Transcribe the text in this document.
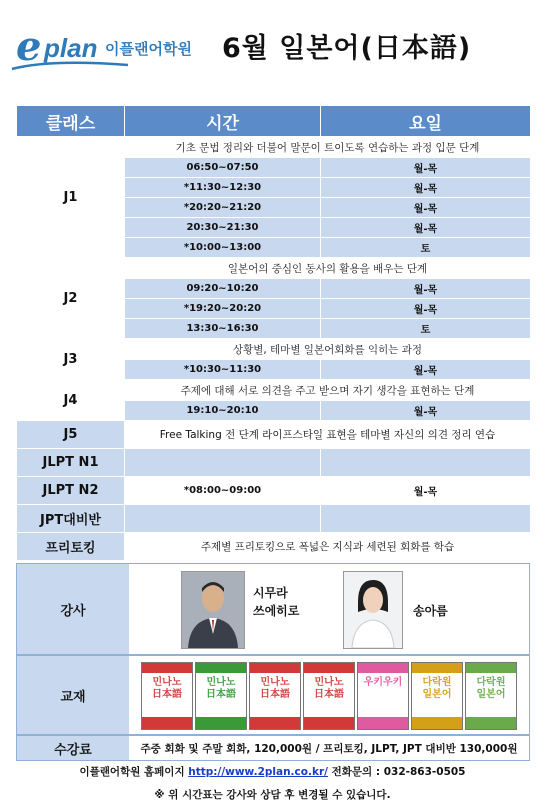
e plan 이플랜어학원 6월 일본어(日本語)
클래스	시간	요일
J1	기초 문법 정리와 더불어 말문이 트이도록 연습하는 과정 입문 단계	
	06:50~07:50	월-목
	*11:30~12:30	월-목
	*20:20~21:20	월-목
	20:30~21:30	월-목
	*10:00~13:00	토
J2	일본어의 중심인 동사의 활용을 배우는 단계	
	09:20~10:20	월-목
	*19:20~20:20	월-목
	13:30~16:30	토
J3	상황별, 테마별 일본어회화를 익히는 과정	
	*10:30~11:30	월-목
J4	주제에 대해 서로 의견을 주고 받으며 자기 생각을 표현하는 단계	
	19:10~20:10	월-목
J5	Free Talking 전 단계 라이프스타일 표현을 테마별 자신의 의견 정리 연습	
JLPT N1		
JLPT N2	*08:00~09:00	월-목
JPT대비반		
프리토킹	주제별 프리토킹으로 폭넓은 지식과 세련된 회화를 학습	
강사
시무라
쓰에히로	송아름
교재
민나노
日本語
민나노
日本語
민나노
日本語
민나노
日本語
우키우키	다락원
일본어
다락원
일본어
수강료	주중 회화 및 주말 회화, 120,000원 / 프리토킹, JLPT, JPT 대비반 130,000원
이플랜어학원 홈페이지 http://www.2plan.co.kr/ 전화문의 : 032-863-0505
※ 위 시간표는 강사와 상담 후 변경될 수 있습니다.
